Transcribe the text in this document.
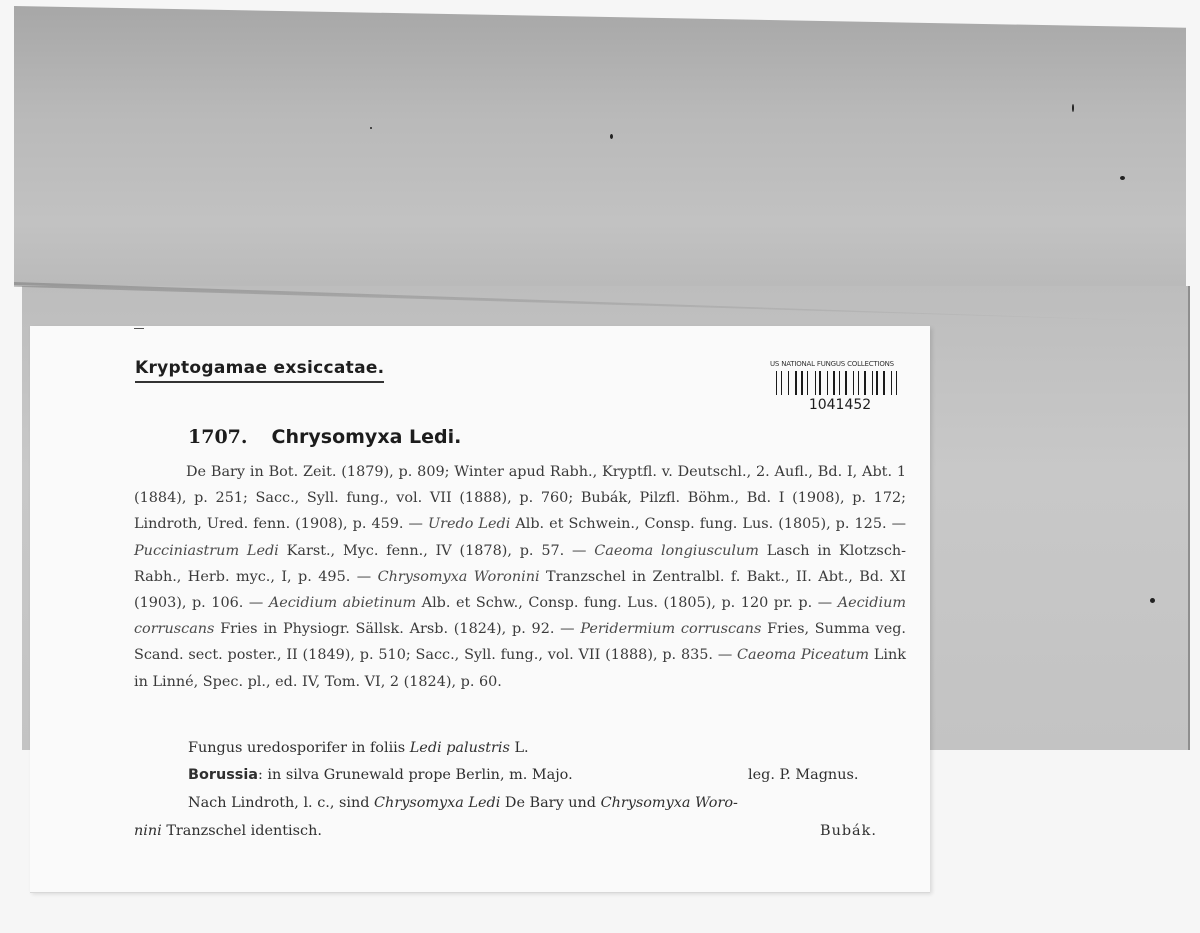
Kryptogamae exsiccatae.	US NATIONAL FUNGUS COLLECTIONS
1041452
1707. Chrysomyxa Ledi.
De Bary in Bot. Zeit. (1879), p. 809; Winter apud Rabh., Kryptfl. v. Deutschl., 2. Aufl., Bd. I, Abt. 1 (1884), p. 251; Sacc., Syll. fung., vol. VII (1888), p. 760; Bubák, Pilzfl. Böhm., Bd. I (1908), p. 172; Lindroth, Ured. fenn. (1908), p. 459. — Uredo Ledi Alb. et Schwein., Consp. fung. Lus. (1805), p. 125. — Pucciniastrum Ledi Karst., Myc. fenn., IV (1878), p. 57. — Caeoma longiusculum Lasch in Klotzsch-Rabh., Herb. myc., I, p. 495. — Chrysomyxa Woronini Tranzschel in Zentralbl. f. Bakt., II. Abt., Bd. XI (1903), p. 106. — Aecidium abietinum Alb. et Schw., Consp. fung. Lus. (1805), p. 120 pr. p. — Aecidium corruscans Fries in Physiogr. Sällsk. Arsb. (1824), p. 92. — Peridermium corruscans Fries, Summa veg. Scand. sect. poster., II (1849), p. 510; Sacc., Syll. fung., vol. VII (1888), p. 835. — Caeoma Piceatum Link in Linné, Spec. pl., ed. IV, Tom. VI, 2 (1824), p. 60.
Fungus uredosporifer in foliis Ledi palustris L.
Borussia: in silva Grunewald prope Berlin, m. Majo.	leg. P. Magnus.
Nach Lindroth, l. c., sind Chrysomyxa Ledi De Bary und Chrysomyxa Woro-
nini Tranzschel identisch.	Bubák.
